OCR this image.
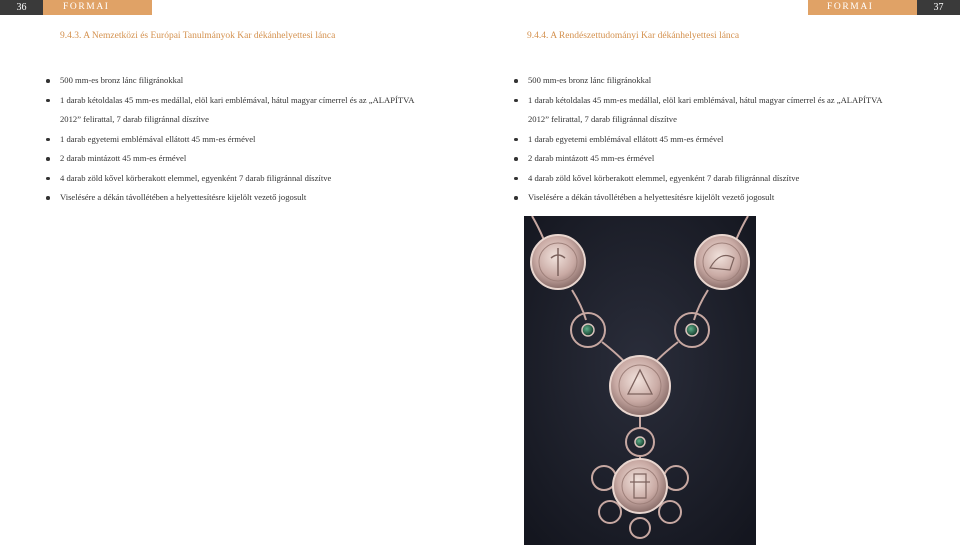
36	FORMAI ALAPOK
FORMAI ALAPOK
37
9.4.3. A Nemzetközi és Európai Tanulmányok Kar dékánhelyettesi lánca	9.4.4. A Rendészettudományi Kar dékánhelyettesi lánca
500 mm-es bronz lánc filigránokkal
1 darab kétoldalas 45 mm-es medállal, elöl kari emblémával, hátul magyar címerrel és az „ALAPÍTVA
2012” felirattal, 7 darab filigránnal díszítve
1 darab egyetemi emblémával ellátott 45 mm-es érmével
2 darab mintázott 45 mm-es érmével
4 darab zöld kővel körberakott elemmel, egyenként 7 darab filigránnal díszítve
Viselésére a dékán távollétében a helyettesítésre kijelölt vezető jogosult
500 mm-es bronz lánc filigránokkal
1 darab kétoldalas 45 mm-es medállal, elöl kari emblémával, hátul magyar címerrel és az „ALAPÍTVA
2012” felirattal, 7 darab filigránnal díszítve
1 darab egyetemi emblémával ellátott 45 mm-es érmével
2 darab mintázott 45 mm-es érmével
4 darab zöld kővel körberakott elemmel, egyenként 7 darab filigránnal díszítve
Viselésére a dékán távollétében a helyettesítésre kijelölt vezető jogosult
